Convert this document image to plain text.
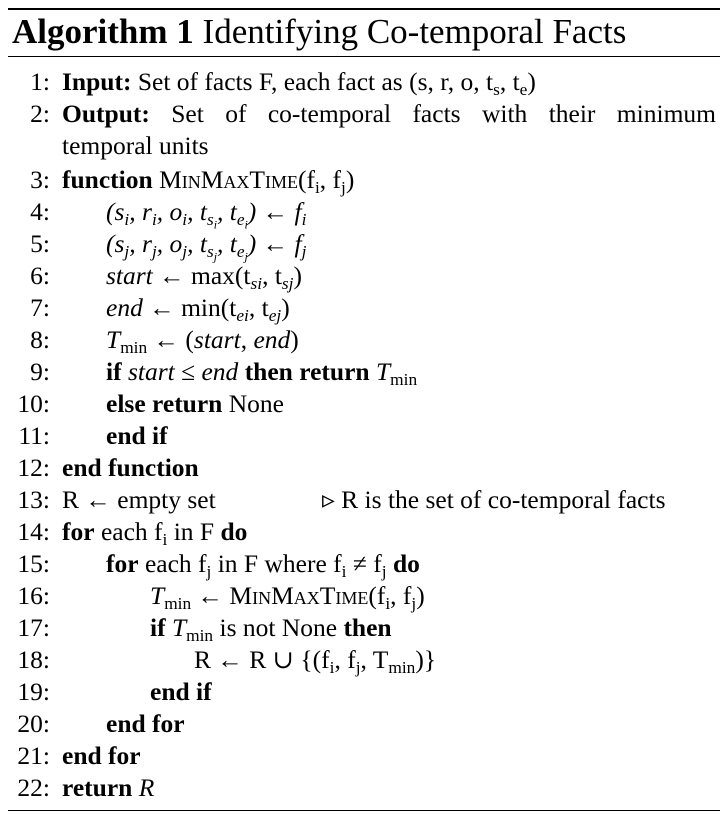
Algorithm 1 Identifying Co-temporal Facts
1: Input: Set of facts F, each fact as (s, r, o, $t_s$, $t_e$)
2: Output: Set of co-temporal facts with their minimum
temporal units
3: function $MinMaxTime(f_i$, $f_j$)
4: ($s_i$, $r_i$, $o_i$, $t_{s_i}$, $t_{e_i}$) ← $f_i$
5: ($s_j$, $r_j$, $o_j$, $t_{s_j}$, $t_{e_j}$) ← $f_j$
6: start ← $\max(t_{si}$, $t_{sj}$)
7: end ← $\min(t_{ei}$, $t_{ej}$)
8: $T_{min}$ ← (start, end)
9: if start ≤ end then return $T_{min}$
10: else return None
11: end if
12: end function
13: R ← empty set	▹ R is the set of co-temporal facts
14: for each $f_i$ in F do
15: for each $f_j$ in F where $f_i \ne f_j$ do
16:	$T_{min}$ ← $MinMaxTime(f_i$, $f_j$)
17:	if $T_{min}$ is not None then
18:	R ← R ∪ {($f_i$, $f_j$, $T_{min}$)}
19:	end if
20: end for
21: end for
22: return R
